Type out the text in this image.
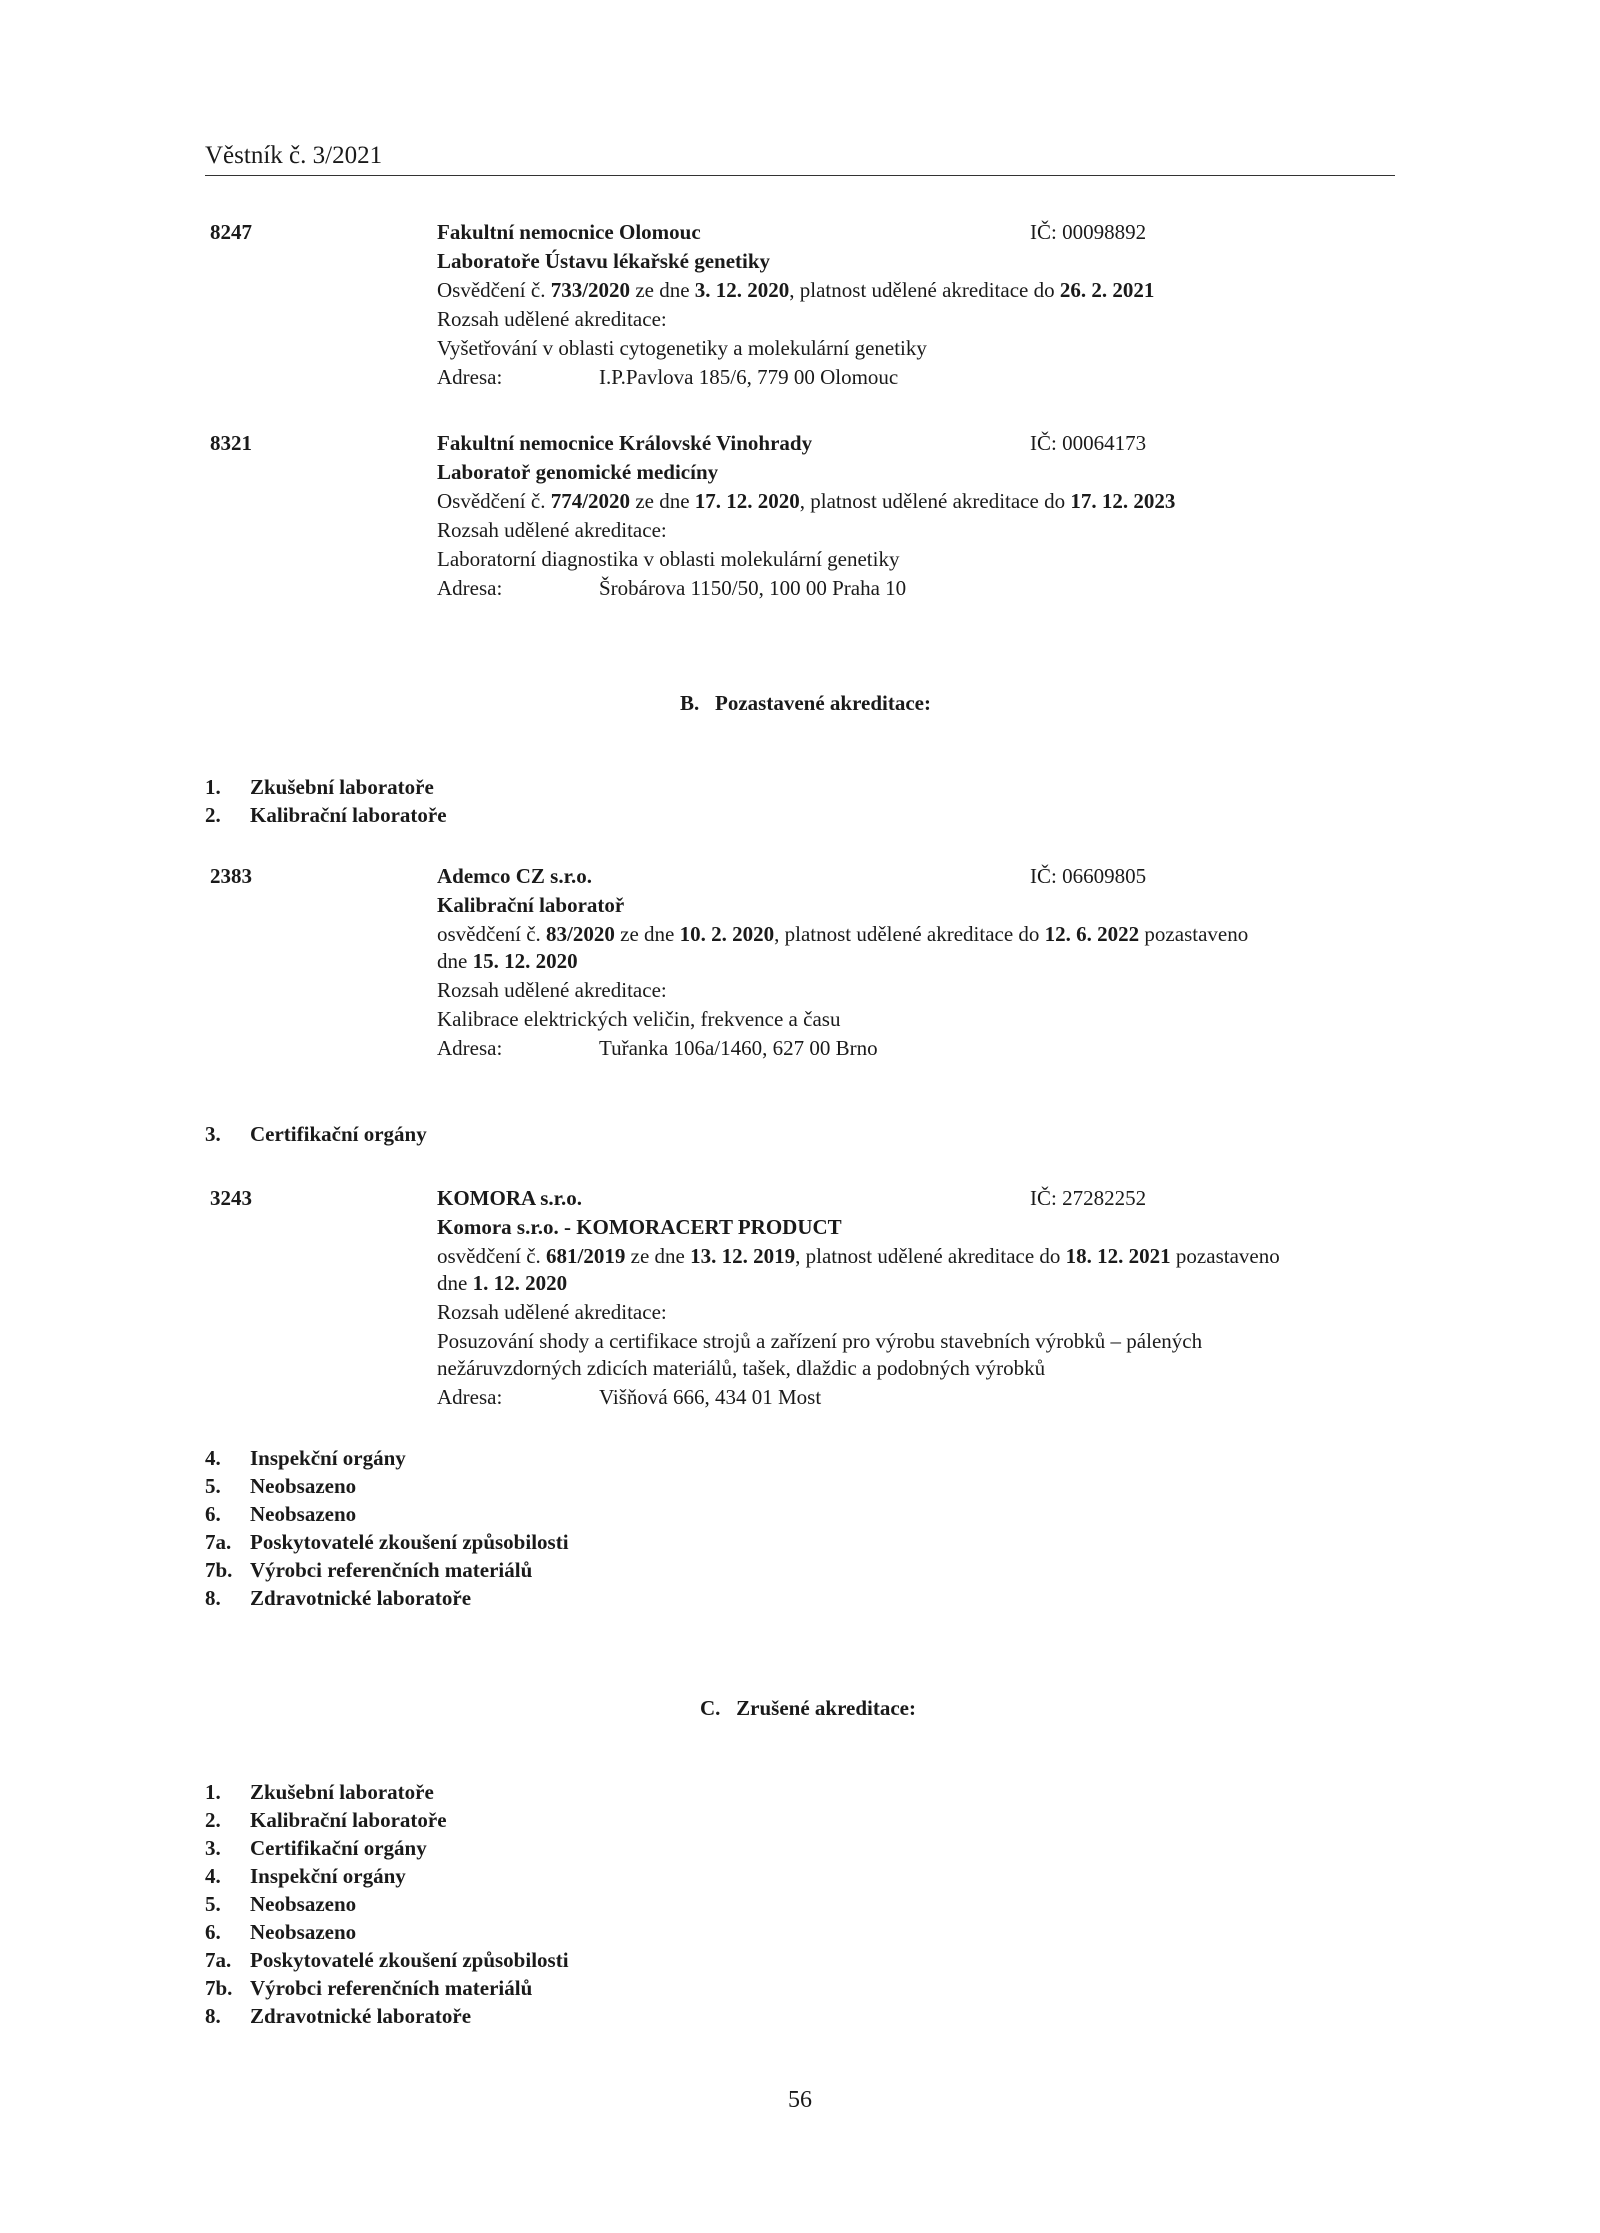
Věstník č. 3/2021
8247	Fakultní nemocnice Olomouc	IČ: 00098892
Laboratoře Ústavu lékařské genetiky
Osvědčení č. 733/2020 ze dne 3. 12. 2020, platnost udělené akreditace do 26. 2. 2021
Rozsah udělené akreditace:
Vyšetřování v oblasti cytogenetiky a molekulární genetiky
Adresa:	I.P.Pavlova 185/6, 779 00 Olomouc
8321	Fakultní nemocnice Královské Vinohrady	IČ: 00064173
Laboratoř genomické medicíny
Osvědčení č. 774/2020 ze dne 17. 12. 2020, platnost udělené akreditace do 17. 12. 2023
Rozsah udělené akreditace:
Laboratorní diagnostika v oblasti molekulární genetiky
Adresa:	Šrobárova 1150/50, 100 00 Praha 10
B.   Pozastavené akreditace:
1. Zkušební laboratoře
2. Kalibrační laboratoře
2383	Ademco CZ s.r.o.	IČ: 06609805
Kalibrační laboratoř
osvědčení č. 83/2020 ze dne 10. 2. 2020, platnost udělené akreditace do 12. 6. 2022 pozastaveno
dne 15. 12. 2020
Rozsah udělené akreditace:
Kalibrace elektrických veličin, frekvence a času
Adresa:	Tuřanka 106a/1460, 627 00 Brno
3. Certifikační orgány
3243	KOMORA s.r.o.	IČ: 27282252
Komora s.r.o. - KOMORACERT PRODUCT
osvědčení č. 681/2019 ze dne 13. 12. 2019, platnost udělené akreditace do 18. 12. 2021 pozastaveno
dne 1. 12. 2020
Rozsah udělené akreditace:
Posuzování shody a certifikace strojů a zařízení pro výrobu stavebních výrobků – pálených
nežáruvzdorných zdicích materiálů, tašek, dlaždic a podobných výrobků
Adresa:	Višňová 666, 434 01 Most
4. Inspekční orgány
5. Neobsazeno
6. Neobsazeno
7a. Poskytovatelé zkoušení způsobilosti
7b. Výrobci referenčních materiálů
8. Zdravotnické laboratoře
C.   Zrušené akreditace:
1. Zkušební laboratoře
2. Kalibrační laboratoře
3. Certifikační orgány
4. Inspekční orgány
5. Neobsazeno
6. Neobsazeno
7a. Poskytovatelé zkoušení způsobilosti
7b. Výrobci referenčních materiálů
8. Zdravotnické laboratoře
56
